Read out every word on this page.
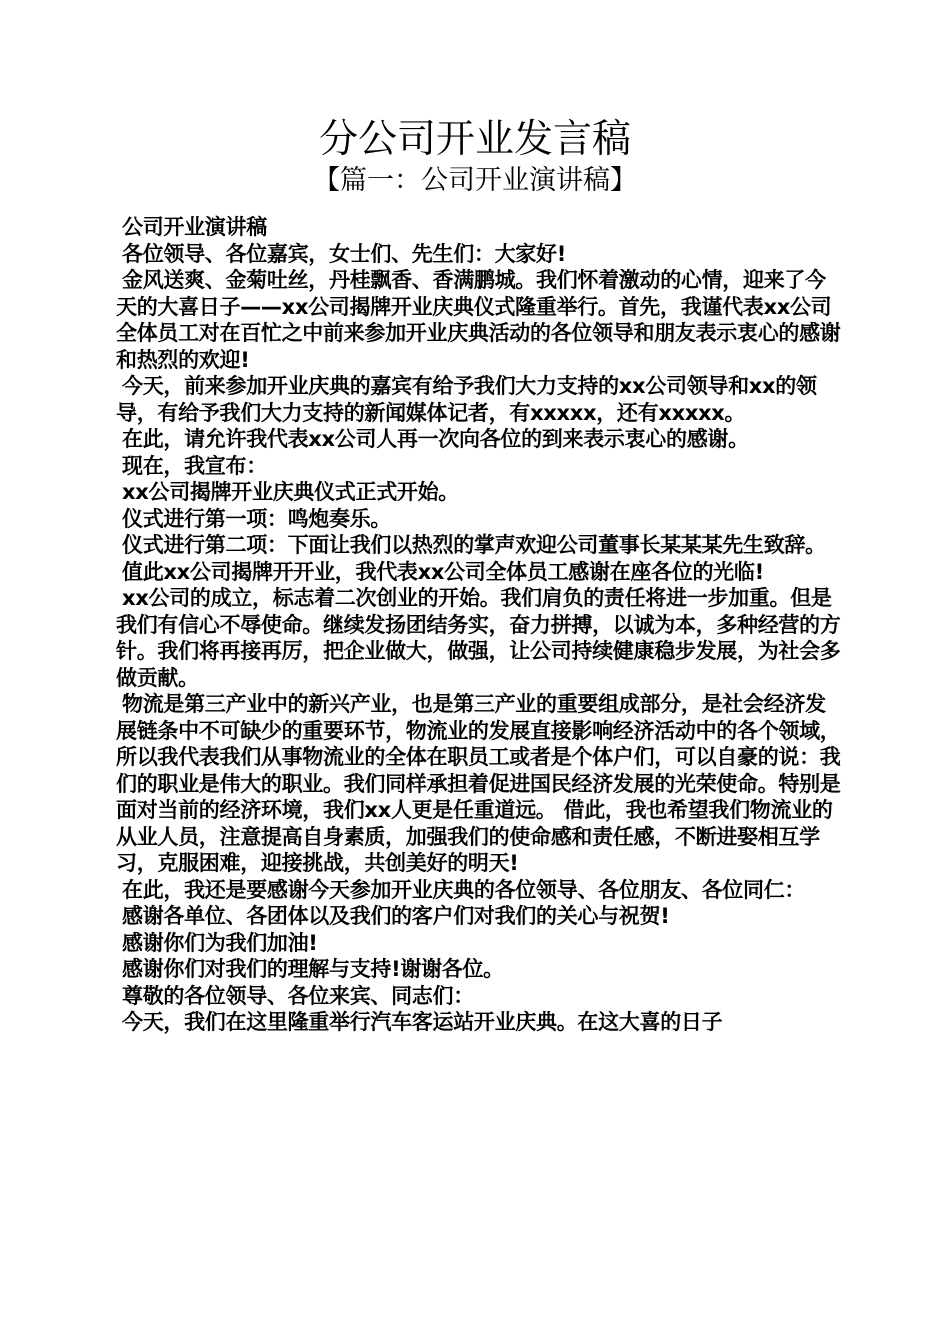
分公司开业发言稿
【篇一：公司开业演讲稿】

公司开业演讲稿

各位领导、各位嘉宾，女士们、先生们：大家好!

金风送爽、金菊吐丝，丹桂飘香、香满鹏城。我们怀着激动的心情，迎来了今天的大喜日子——xx公司揭牌开业庆典仪式隆重举行。首先，我谨代表xx公司全体员工对在百忙之中前来参加开业庆典活动的各位领导和朋友表示衷心的感谢和热烈的欢迎!

今天，前来参加开业庆典的嘉宾有给予我们大力支持的xx公司领导和xx的领导，有给予我们大力支持的新闻媒体记者，有xxxxx，还有xxxxx。

在此，请允许我代表xx公司人再一次向各位的到来表示衷心的感谢。

现在，我宣布：

xx公司揭牌开业庆典仪式正式开始。

仪式进行第一项：鸣炮奏乐。

仪式进行第二项：下面让我们以热烈的掌声欢迎公司董事长某某某先生致辞。

值此xx公司揭牌开开业，我代表xx公司全体员工感谢在座各位的光临!

xx公司的成立，标志着二次创业的开始。我们肩负的责任将进一步加重。但是我们有信心不辱使命。继续发扬团结务实，奋力拼搏，以诚为本，多种经营的方针。我们将再接再厉，把企业做大，做强，让公司持续健康稳步发展，为社会多做贡献。

物流是第三产业中的新兴产业，也是第三产业的重要组成部分，是社会经济发展链条中不可缺少的重要环节，物流业的发展直接影响经济活动中的各个领域，所以我代表我们从事物流业的全体在职员工或者是个体户们，可以自豪的说：我们的职业是伟大的职业。我们同样承担着促进国民经济发展的光荣使命。特别是面对当前的经济环境，我们xx人更是任重道远。 借此，我也希望我们物流业的从业人员，注意提高自身素质，加强我们的使命感和责任感，不断进娶相互学习，克服困难，迎接挑战，共创美好的明天!

在此，我还是要感谢今天参加开业庆典的各位领导、各位朋友、各位同仁：

感谢各单位、各团体以及我们的客户们对我们的关心与祝贺!

感谢你们为我们加油!

感谢你们对我们的理解与支持!谢谢各位。

尊敬的各位领导、各位来宾、同志们：

今天，我们在这里隆重举行汽车客运站开业庆典。在这大喜的日子
